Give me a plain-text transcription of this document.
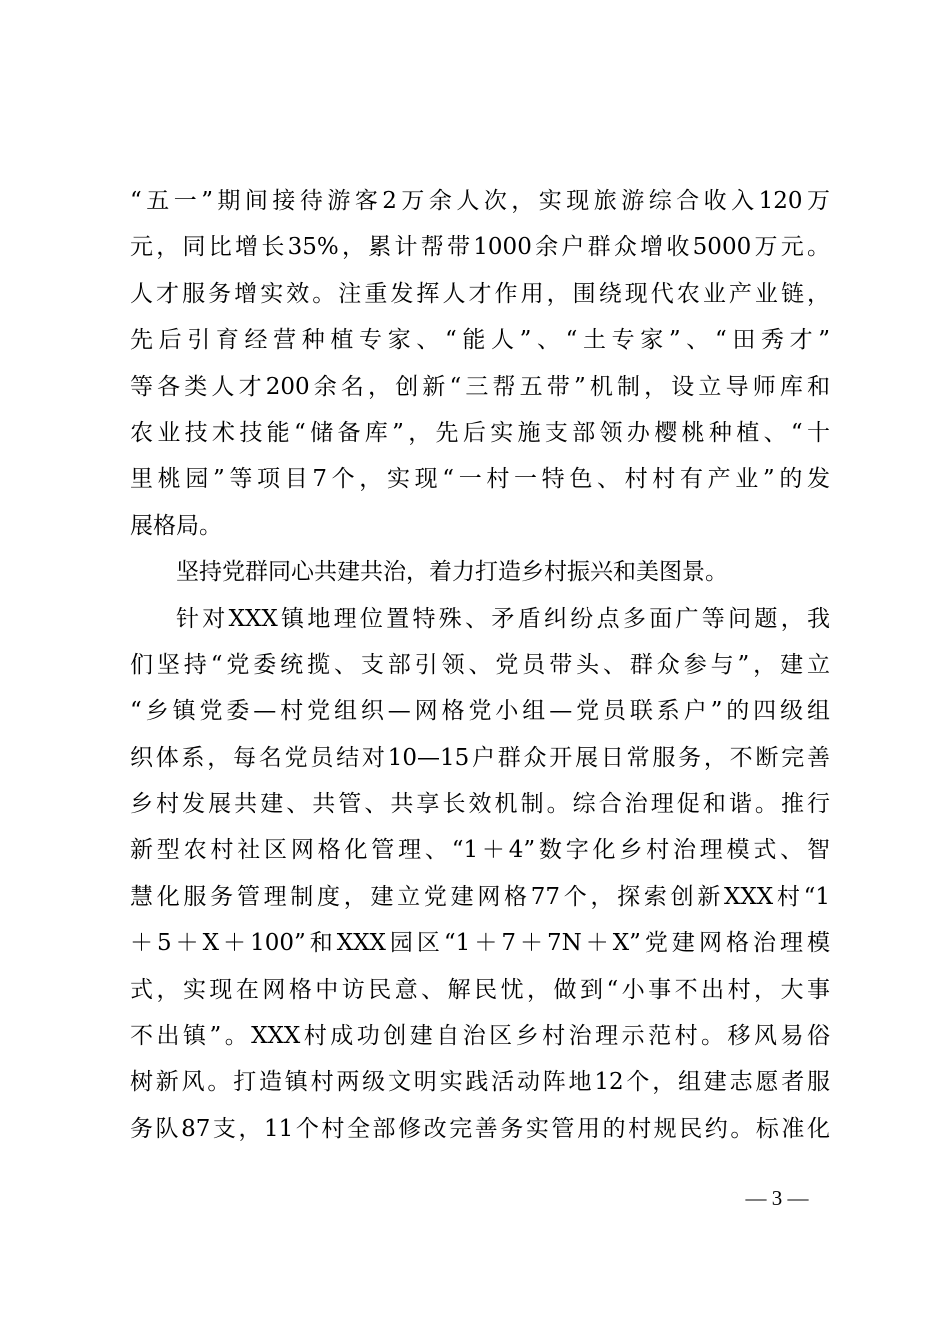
“五一”期间接待游客2万余人次，实现旅游综合收入120万
元，同比增长35%，累计帮带1000余户群众增收5000万元。
人才服务增实效。注重发挥人才作用，围绕现代农业产业链，
先后引育经营种植专家、“能人”、“土专家”、“田秀才”
等各类人才200余名，创新“三帮五带”机制，设立导师库和
农业技术技能“储备库”，先后实施支部领办樱桃种植、“十
里桃园”等项目7个，实现“一村一特色、村村有产业”的发
展格局。
坚持党群同心共建共治，着力打造乡村振兴和美图景。
针对XXX镇地理位置特殊、矛盾纠纷点多面广等问题，我
们坚持“党委统揽、支部引领、党员带头、群众参与”，建立
“乡镇党委—村党组织—网格党小组—党员联系户”的四级组
织体系，每名党员结对10—15户群众开展日常服务，不断完善
乡村发展共建、共管、共享长效机制。综合治理促和谐。推行
新型农村社区网格化管理、“1＋4”数字化乡村治理模式、智
慧化服务管理制度，建立党建网格77个，探索创新XXX村“1
＋5＋X＋100”和XXX园区“1＋7＋7N＋X”党建网格治理模
式，实现在网格中访民意、解民忧，做到“小事不出村，大事
不出镇”。XXX村成功创建自治区乡村治理示范村。移风易俗
树新风。打造镇村两级文明实践活动阵地12个，组建志愿者服
务队87支，11个村全部修改完善务实管用的村规民约。标准化
— 3 —
